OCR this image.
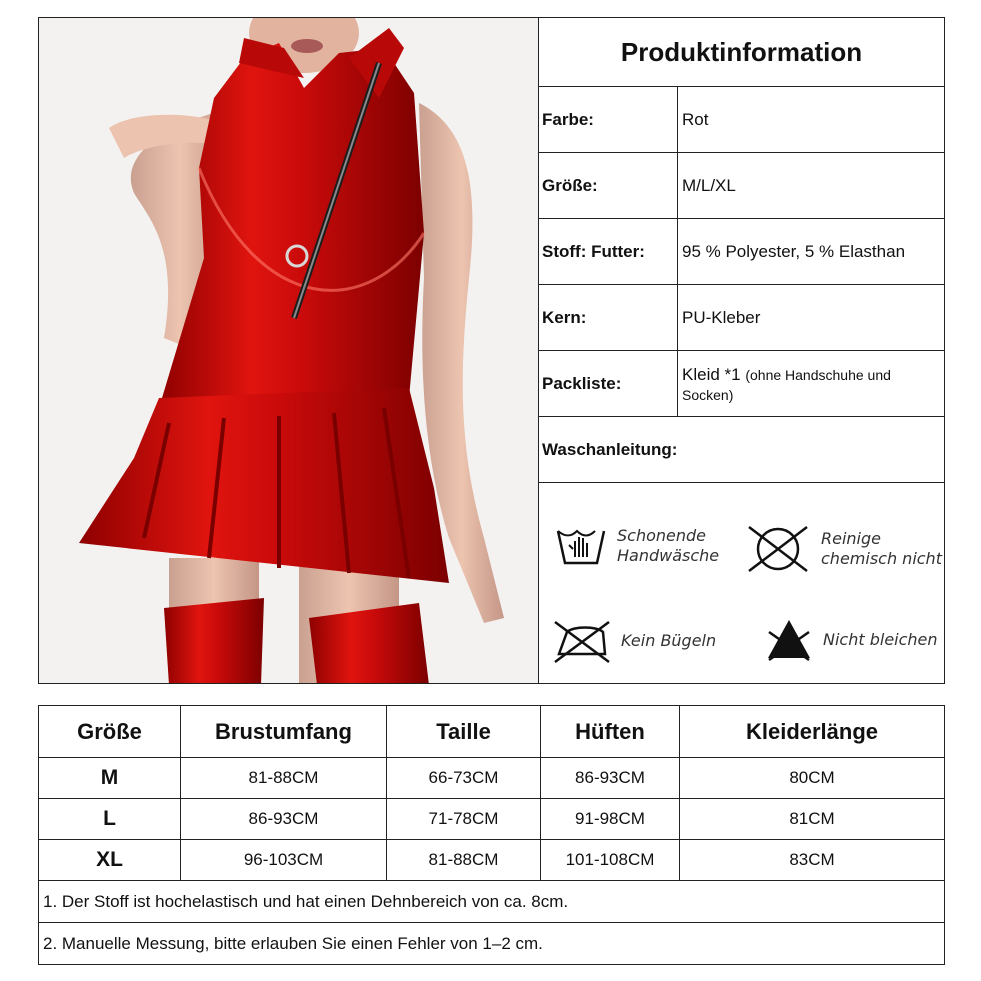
Produktinformation
Farbe:	Rot
Größe:	M/L/XL
Stoff: Futter:	95 % Polyester, 5 % Elasthan
Kern:	PU-Kleber
Packliste:	Kleid *1 (ohne Handschuhe und Socken)
Waschanleitung:
Schonende
Handwäsche
Reinige
chemisch nicht
Kein Bügeln	Nicht bleichen
Größe	Brustumfang	Taille	Hüften	Kleiderlänge
M	81-88CM	66-73CM	86-93CM	80CM
L	86-93CM	71-78CM	91-98CM	81CM
XL	96-103CM	81-88CM	101-108CM	83CM
1. Der Stoff ist hochelastisch und hat einen Dehnbereich von ca. 8cm.
2. Manuelle Messung, bitte erlauben Sie einen Fehler von 1–2 cm.
